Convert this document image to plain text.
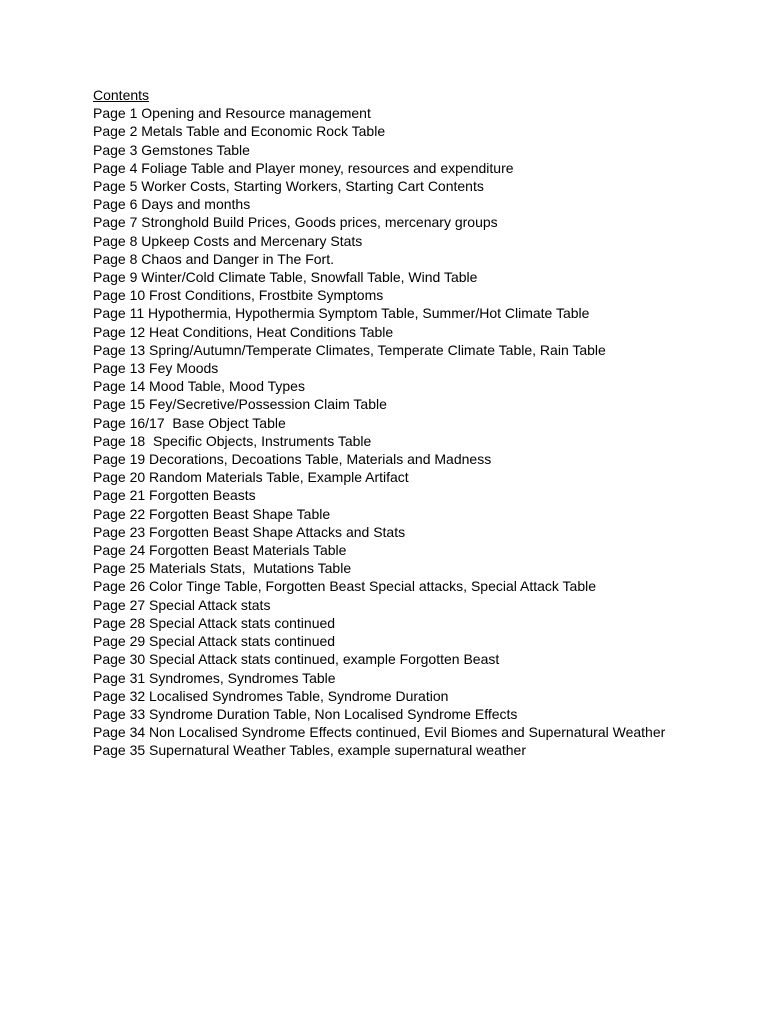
Contents
Page 1 Opening and Resource management
Page 2 Metals Table and Economic Rock Table
Page 3 Gemstones Table
Page 4 Foliage Table and Player money, resources and expenditure
Page 5 Worker Costs, Starting Workers, Starting Cart Contents
Page 6 Days and months
Page 7 Stronghold Build Prices, Goods prices, mercenary groups
Page 8 Upkeep Costs and Mercenary Stats
Page 8 Chaos and Danger in The Fort.
Page 9 Winter/Cold Climate Table, Snowfall Table, Wind Table
Page 10 Frost Conditions, Frostbite Symptoms
Page 11 Hypothermia, Hypothermia Symptom Table, Summer/Hot Climate Table
Page 12 Heat Conditions, Heat Conditions Table
Page 13 Spring/Autumn/Temperate Climates, Temperate Climate Table, Rain Table
Page 13 Fey Moods
Page 14 Mood Table, Mood Types
Page 15 Fey/Secretive/Possession Claim Table
Page 16/17  Base Object Table
Page 18  Specific Objects, Instruments Table
Page 19 Decorations, Decoations Table, Materials and Madness
Page 20 Random Materials Table, Example Artifact
Page 21 Forgotten Beasts
Page 22 Forgotten Beast Shape Table
Page 23 Forgotten Beast Shape Attacks and Stats
Page 24 Forgotten Beast Materials Table
Page 25 Materials Stats,  Mutations Table
Page 26 Color Tinge Table, Forgotten Beast Special attacks, Special Attack Table
Page 27 Special Attack stats
Page 28 Special Attack stats continued
Page 29 Special Attack stats continued
Page 30 Special Attack stats continued, example Forgotten Beast
Page 31 Syndromes, Syndromes Table
Page 32 Localised Syndromes Table, Syndrome Duration
Page 33 Syndrome Duration Table, Non Localised Syndrome Effects
Page 34 Non Localised Syndrome Effects continued, Evil Biomes and Supernatural Weather
Page 35 Supernatural Weather Tables, example supernatural weather
